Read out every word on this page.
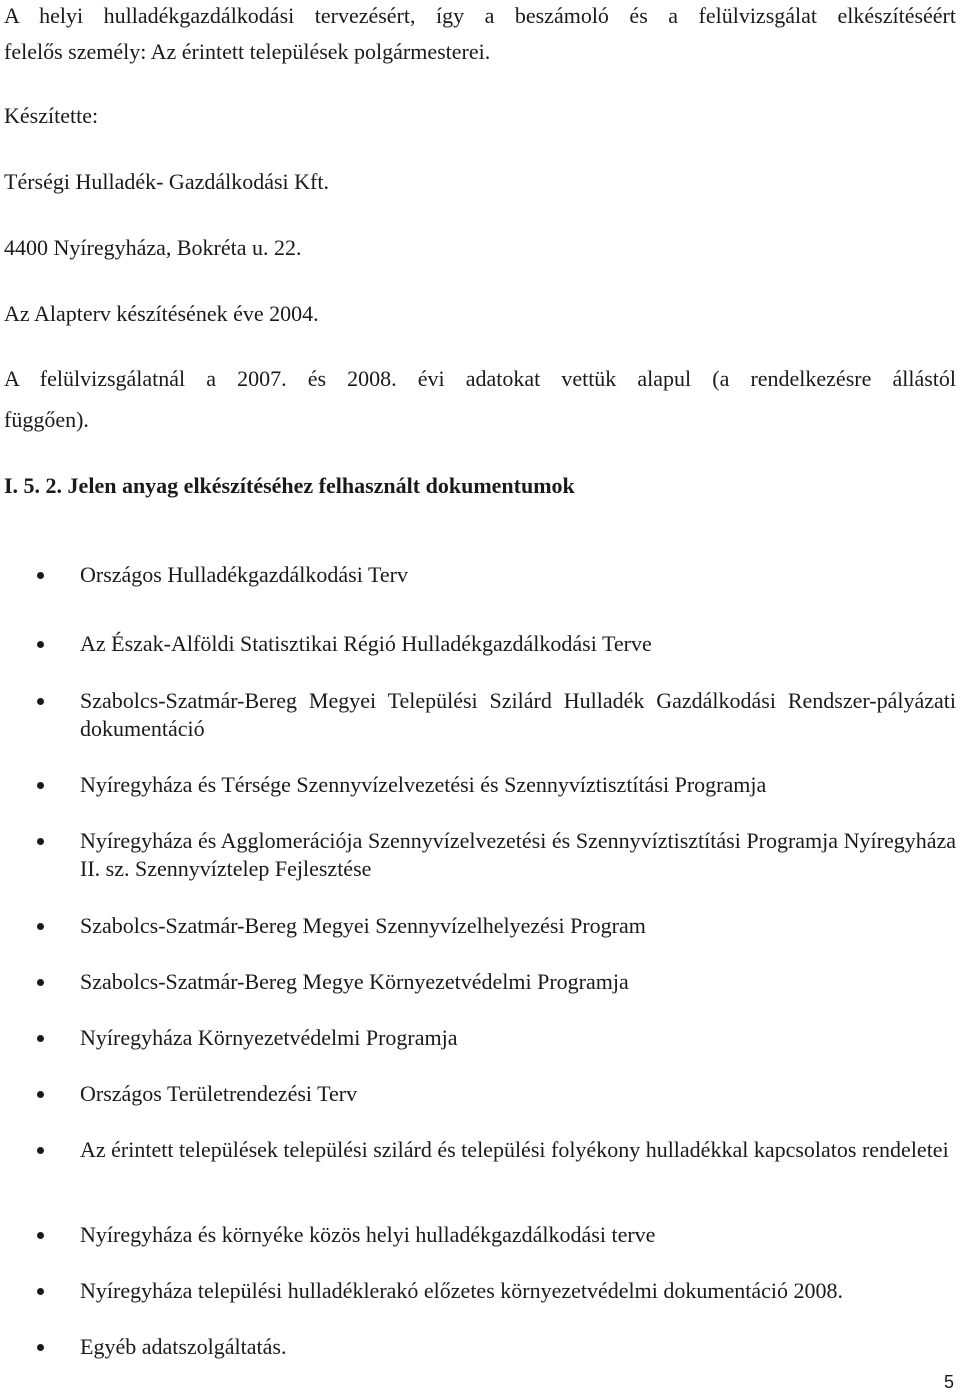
A helyi hulladékgazdálkodási tervezésért, így a beszámoló és a felülvizsgálat elkészítéséért
felelős személy: Az érintett települések polgármesterei.
Készítette:
Térségi Hulladék- Gazdálkodási Kft.
4400 Nyíregyháza, Bokréta u. 22.
Az Alapterv készítésének éve 2004.
A felülvizsgálatnál a 2007. és 2008. évi adatokat vettük alapul (a rendelkezésre állástól
függően).
I. 5. 2. Jelen anyag elkészítéséhez felhasznált dokumentumok
Országos Hulladékgazdálkodási Terv
Az Észak-Alföldi Statisztikai Régió Hulladékgazdálkodási Terve
Szabolcs-Szatmár-Bereg Megyei Települési Szilárd Hulladék Gazdálkodási Rendszer-pályázati dokumentáció
Nyíregyháza és Térsége Szennyvízelvezetési és Szennyvíztisztítási Programja
Nyíregyháza és Agglomerációja Szennyvízelvezetési és Szennyvíztisztítási Programja Nyíregyháza II. sz. Szennyvíztelep Fejlesztése
Szabolcs-Szatmár-Bereg Megyei Szennyvízelhelyezési Program
Szabolcs-Szatmár-Bereg Megye Környezetvédelmi Programja
Nyíregyháza Környezetvédelmi Programja
Országos Területrendezési Terv
Az érintett települések települési szilárd és települési folyékony hulladékkal kapcsolatos rendeletei
Nyíregyháza és környéke közös helyi hulladékgazdálkodási terve
Nyíregyháza települési hulladéklerakó előzetes környezetvédelmi dokumentáció 2008.
Egyéb adatszolgáltatás.
5
